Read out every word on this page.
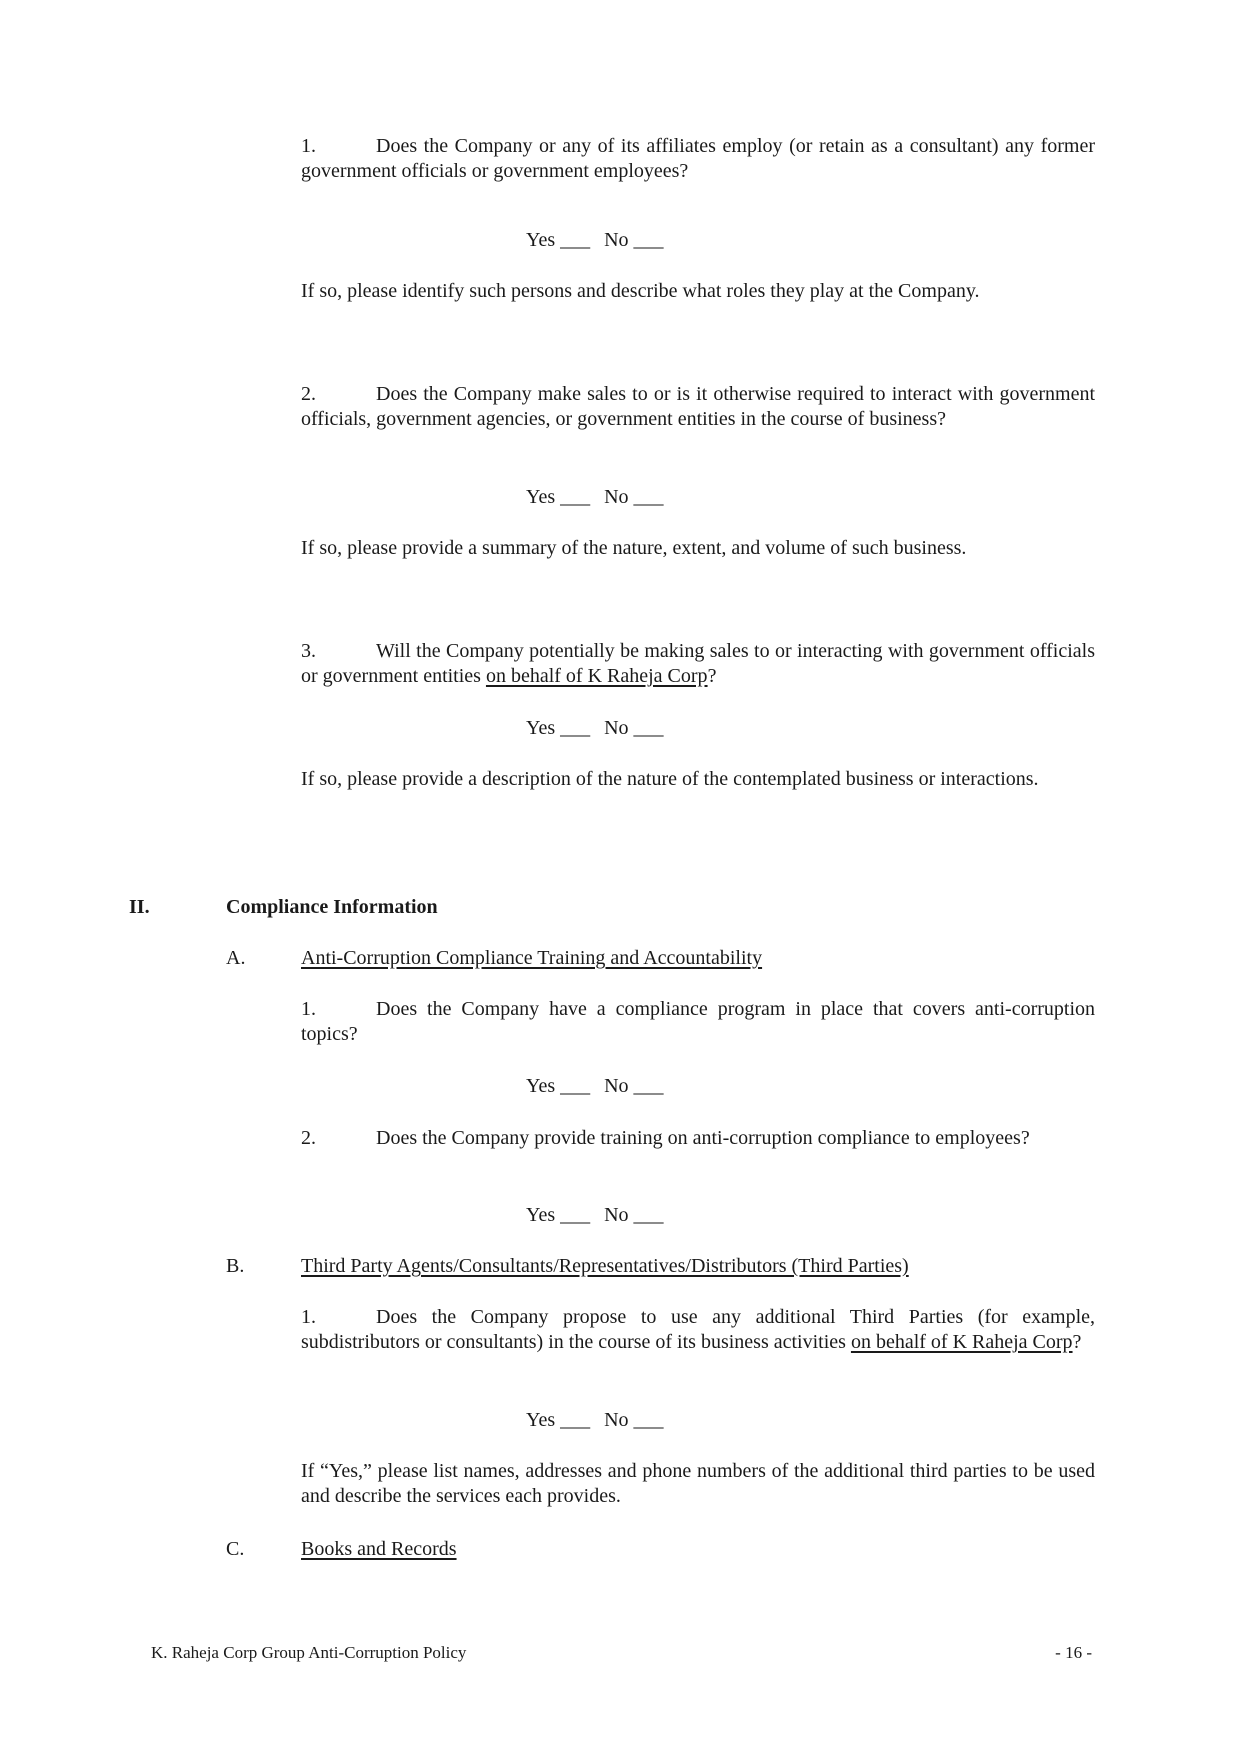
1.	Does the Company or any of its affiliates employ (or retain as a consultant) any former government officials or government employees?
Yes ___ No ___
If so, please identify such persons and describe what roles they play at the Company.
2.	Does the Company make sales to or is it otherwise required to interact with government officials, government agencies, or government entities in the course of business?
Yes ___ No ___
If so, please provide a summary of the nature, extent, and volume of such business.
3.	Will the Company potentially be making sales to or interacting with government officials or government entities on behalf of K Raheja Corp?
Yes ___ No ___
If so, please provide a description of the nature of the contemplated business or interactions.
II.	Compliance Information
A.	Anti-Corruption Compliance Training and Accountability
1.	Does the Company have a compliance program in place that covers anti-corruption topics?
Yes ___ No ___
2.	Does the Company provide training on anti-corruption compliance to employees?
Yes ___ No ___
B.	Third Party Agents/Consultants/Representatives/Distributors (Third Parties)
1.	Does the Company propose to use any additional Third Parties (for example, subdistributors or consultants) in the course of its business activities on behalf of K Raheja Corp?
Yes ___ No ___
If “Yes,” please list names, addresses and phone numbers of the additional third parties to be used and describe the services each provides.
C.	Books and Records
K. Raheja Corp Group Anti-Corruption Policy	- 16 -
